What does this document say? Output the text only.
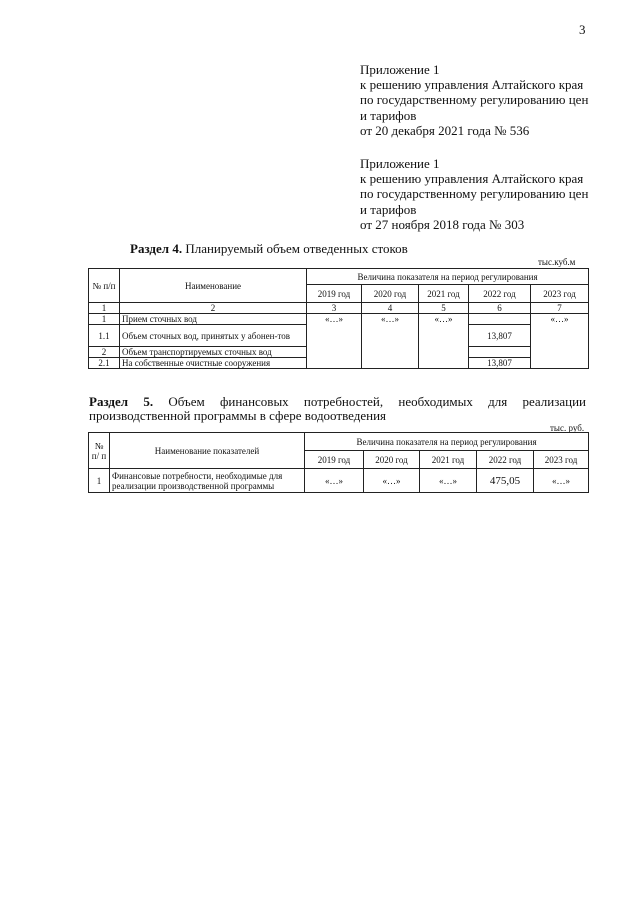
3
Приложение 1
к решению управления Алтайского края
по государственному регулированию цен
и тарифов
от 20 декабря 2021 года № 536
Приложение 1
к решению управления Алтайского края
по государственному регулированию цен
и тарифов
от 27 ноября 2018 года № 303
Раздел 4. Планируемый объем отведенных стоков
тыс.куб.м
№ п/п	Наименование	Величина показателя на период регулирования				
		2019 год	2020 год	2021 год	2022 год	2023 год
1	2	3	4	5	6	7
1	Прием сточных вод	«…»	«…»	«…»		«…»
1.1	Объем сточных вод, принятых у абонен-тов				13,807	
2	Объем транспортируемых сточных вод					
2.1	На собственные очистные сооружения				13,807	
Раздел 5. Объем финансовых потребностей, необходимых для реализации
производственной программы в сфере водоотведения
тыс. руб.
№ п/ п	Наименование показателей	Величина показателя на период регулирования				
		2019 год	2020 год	2021 год	2022 год	2023 год
1	Финансовые потребности, необходимые для реализации производственной программы	«…»	«…»	«…»	475,05	«…»
